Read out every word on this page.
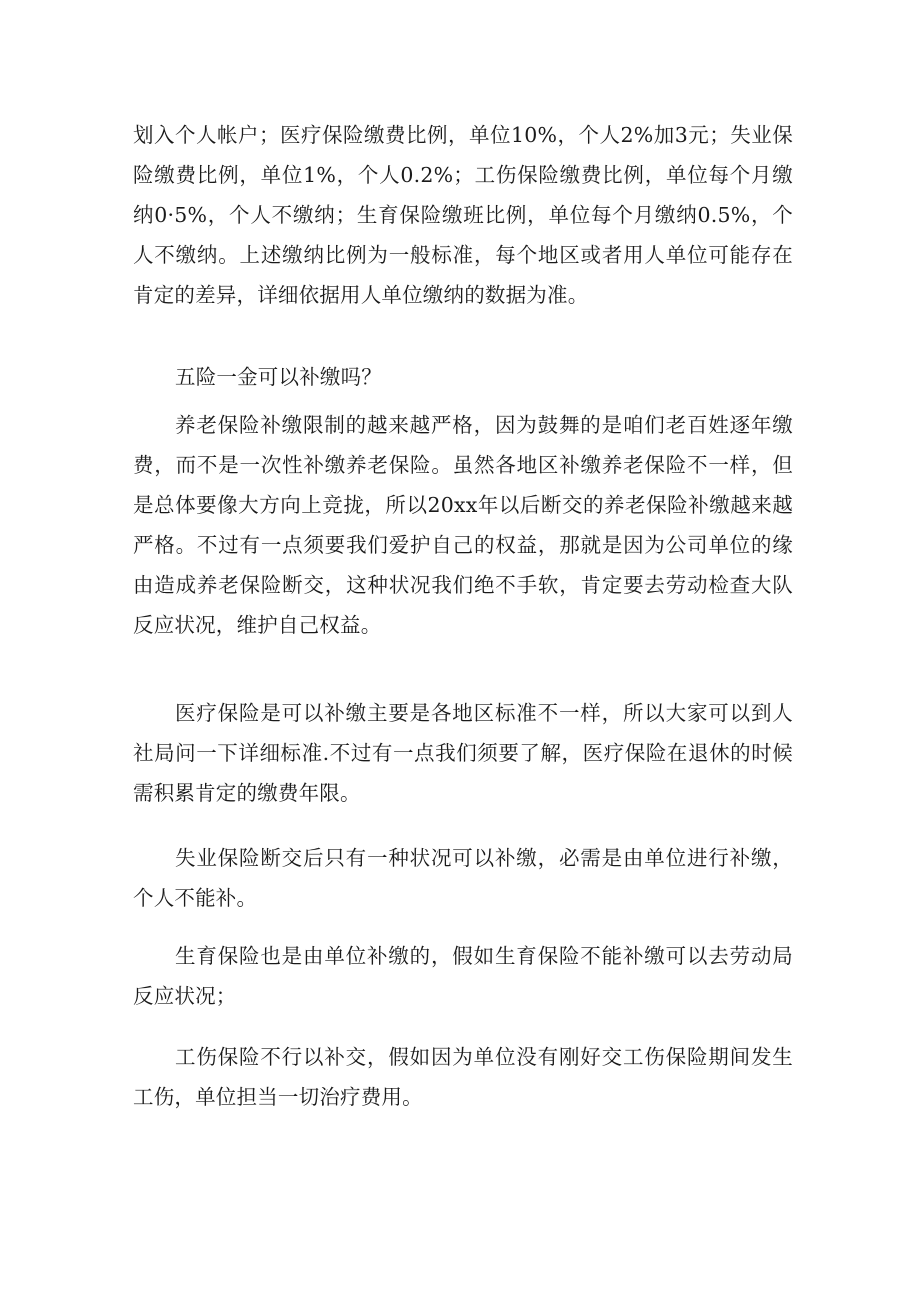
划入个人帐户；医疗保险缴费比例，单位10%，个人2%加3元；失业保险缴费比例，单位1%，个人0.2%；工伤保险缴费比例，单位每个月缴纳0·5%，个人不缴纳；生育保险缴班比例，单位每个月缴纳0.5%，个人不缴纳。上述缴纳比例为一般标准，每个地区或者用人单位可能存在肯定的差异，详细依据用人单位缴纳的数据为准。

五险一金可以补缴吗？

养老保险补缴限制的越来越严格，因为鼓舞的是咱们老百姓逐年缴费，而不是一次性补缴养老保险。虽然各地区补缴养老保险不一样，但是总体要像大方向上竞拢，所以20xx年以后断交的养老保险补缴越来越严格。不过有一点须要我们爱护自己的权益，那就是因为公司单位的缘由造成养老保险断交，这种状况我们绝不手软，肯定要去劳动检查大队反应状况，维护自己权益。

医疗保险是可以补缴主要是各地区标准不一样，所以大家可以到人社局问一下详细标准.不过有一点我们须要了解，医疗保险在退休的时候需积累肯定的缴费年限。

失业保险断交后只有一种状况可以补缴，必需是由单位进行补缴，个人不能补。

生育保险也是由单位补缴的，假如生育保险不能补缴可以去劳动局反应状况；

工伤保险不行以补交，假如因为单位没有刚好交工伤保险期间发生工伤，单位担当一切治疗费用。
